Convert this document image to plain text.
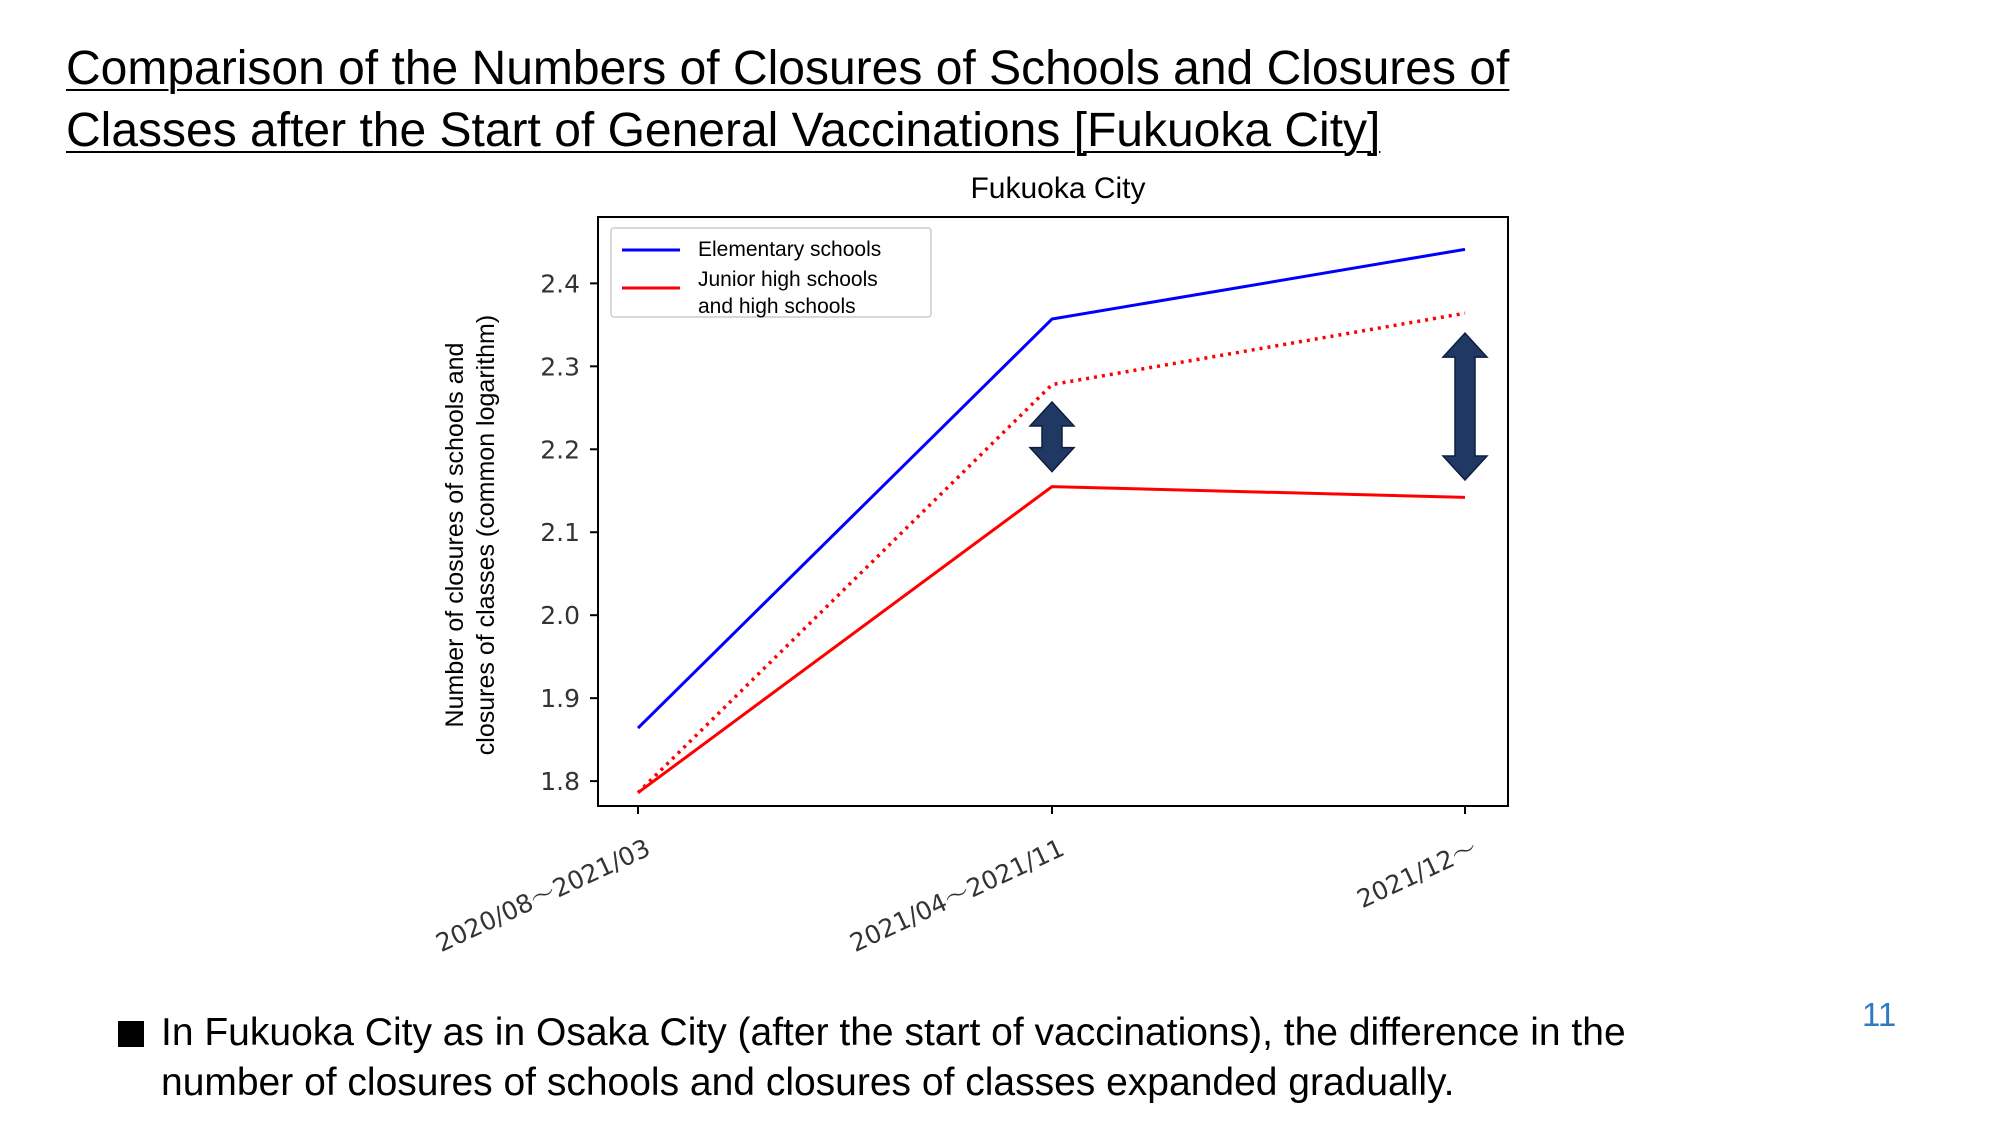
Comparison of the Numbers of Closures of Schools and Closures of
Classes after the Start of General Vaccinations [Fukuoka City]
Fukuoka City
1.8
1.9
2.0
2.1
2.2
2.3
2.4
Number of closures of schools and closures of classes (common logarithm)
2020/08～2021/03	2021/04～2021/11	2021/12～
Elementary schools
Junior high schools
and high schools
In Fukuoka City as in Osaka City (after the start of vaccinations), the difference in the
number of closures of schools and closures of classes expanded gradually.
11
